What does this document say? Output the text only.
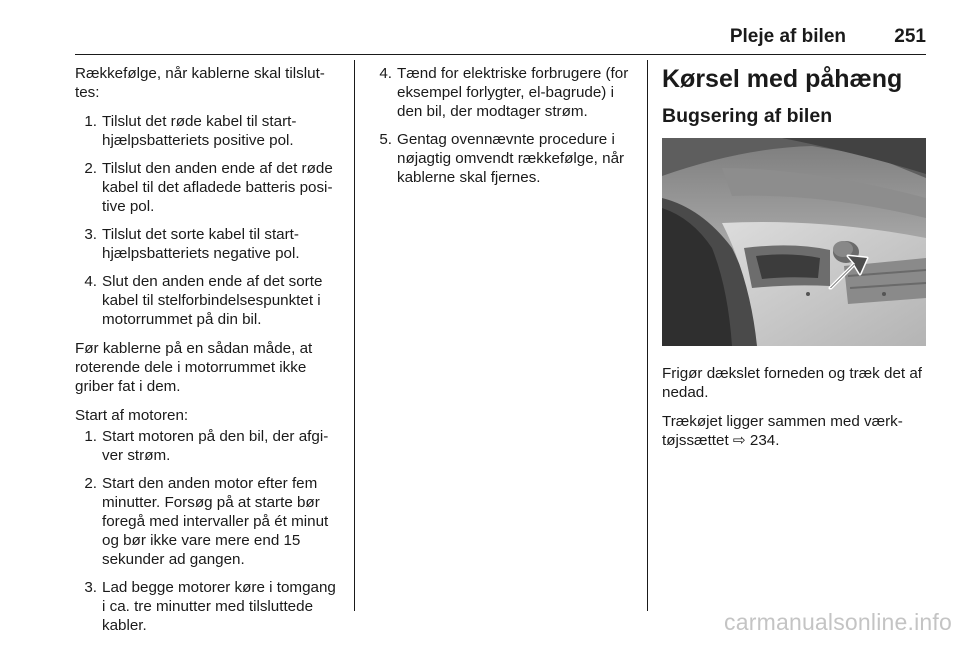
Pleje af bilen	251

Rækkefølge, når kablerne skal tilsluttes:

1. Tilslut det røde kabel til starthjælpsbatteriets positive pol.
2. Tilslut den anden ende af det røde kabel til det afladede batteris positive pol.
3. Tilslut det sorte kabel til starthjælpsbatteriets negative pol.
4. Slut den anden ende af det sorte kabel til stelforbindelsespunktet i motorrummet på din bil.

Før kablerne på en sådan måde, at roterende dele i motorrummet ikke griber fat i dem.

Start af motoren:

1. Start motoren på den bil, der afgiver strøm.
2. Start den anden motor efter fem minutter. Forsøg på at starte bør foregå med intervaller på ét minut og bør ikke vare mere end 15 sekunder ad gangen.
3. Lad begge motorer køre i tomgang i ca. tre minutter med tilsluttede kabler.
4. Tænd for elektriske forbrugere (for eksempel forlygter, el-bagrude) i den bil, der modtager strøm.
5. Gentag ovennævnte procedure i nøjagtig omvendt rækkefølge, når kablerne skal fjernes.
Kørsel med påhæng
Bugsering af bilen

Frigør dækslet forneden og træk det af nedad.

Trækøjet ligger sammen med værktøjssættet ⇨ 234.

carmanualsonline.info
